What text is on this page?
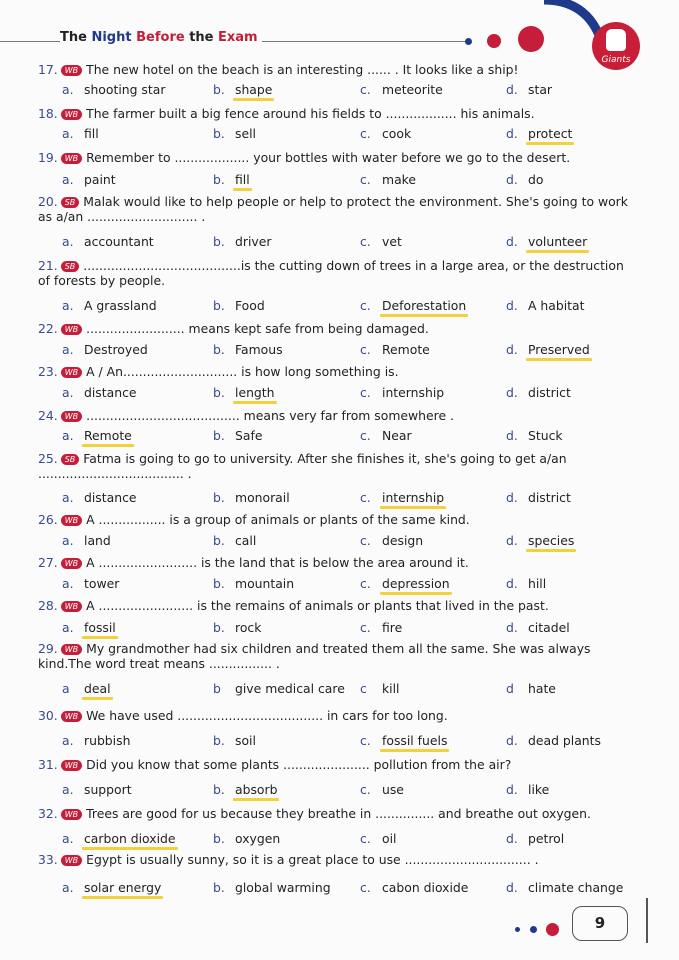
The Night Before the Exam
Giants
17. WB The new hotel on the beach is an interesting ...... . It looks like a ship!
a. shooting star	b. shape	c. meteorite	d. star
18. WB The farmer built a big fence around his fields to .................. his animals.
a. fill	b. sell	c. cook	d. protect
19. WB Remember to ................... your bottles with water before we go to the desert.
a. paint	b. fill	c. make	d. do
20. SB Malak would like to help people or help to protect the environment. She's going to work as a/an ............................ .
a. accountant	b. driver	c. vet	d. volunteer
21. SB ........................................is the cutting down of trees in a large area, or the destruction of forests by people.
a. A grassland	b. Food	c. Deforestation	d. A habitat
22. WB ......................... means kept safe from being damaged.
a. Destroyed	b. Famous	c. Remote	d. Preserved
23. WB A / An............................. is how long something is.
a. distance	b. length	c. internship	d. district
24. WB ....................................... means very far from somewhere .
a. Remote	b. Safe	c. Near	d. Stuck
25. SB Fatma is going to go to university. After she finishes it, she's going to get a/an ..................................... .
a. distance	b. monorail	c. internship	d. district
26. WB A ................. is a group of animals or plants of the same kind.
a. land	b. call	c. design	d. species
27. WB A ......................... is the land that is below the area around it.
a. tower	b. mountain	c. depression	d. hill
28. WB A ........................ is the remains of animals or plants that lived in the past.
a. fossil	b. rock	c. fire	d. citadel
29. WB My grandmother had six children and treated them all the same. She was always kind.The word treat means ................ .
a deal	b give medical care c kill	d hate
30. WB We have used ..................................... in cars for too long.
a. rubbish	b. soil	c. fossil fuels	d. dead plants
31. WB Did you know that some plants ...................... pollution from the air?
a. support	b. absorb	c. use	d. like
32. WB Trees are good for us because they breathe in ............... and breathe out oxygen.
a. carbon dioxide	b. oxygen	c. oil	d. petrol
33. WB Egypt is usually sunny, so it is a great place to use ................................ .
a. solar energy	b. global warming c. cabon dioxide	d. climate change
9
